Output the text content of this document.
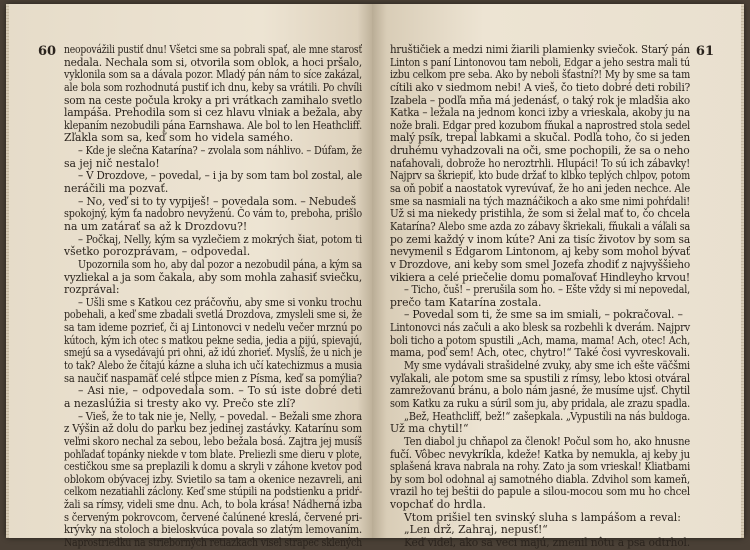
60 neopovážili pustiť dnu! Všetci sme sa pobrali spať, ale mne starosť
nedala. Nechala som si, otvorila som oblok, a hoci pršalo,
vyklonila som sa a dávala pozor. Mladý pán nám to síce zakázal,
ale bola som rozhodnutá pustiť ich dnu, keby sa vrátili. Po chvíli
som na ceste počula kroky a pri vrátkach zamihalo svetlo
lampáša. Prehodila som si cez hlavu vlniak a bežala, aby
klepaním nezobudili pána Earnshawa. Ale bol to len Heathcliff.
Zľakla som sa, keď som ho videla samého.
– Kde je slečna Katarína? – zvolala som náhlivo. – Dúfam, že
sa jej nič nestalo!
– V Drozdove, – povedal, – i ja by som tam bol zostal, ale
neráčili ma pozvať.
– No, veď si to ty vypiješ! – povedala som. – Nebudeš
spokojný, kým ťa nadobro nevyženú. Čo vám to, preboha, prišlo
na um zatárať sa až k Drozdovu?!
– Počkaj, Nelly, kým sa vyzlečiem z mokrých šiat, potom ti
všetko porozprávam, – odpovedal.
Upozornila som ho, aby dal pozor a nezobudil pána, a kým sa
vyzliekal a ja som čakala, aby som mohla zahasiť sviečku,
rozprával:
– Ušli sme s Katkou cez práčovňu, aby sme si vonku trochu
pobehali, a keď sme zbadali svetlá Drozdova, zmysleli sme si, že
sa tam ideme pozrieť, či aj Lintonovci v nedeľu večer mrznú po
kútoch, kým ich otec s matkou pekne sedia, jedia a pijú, spievajú,
smejú sa a vysedávajú pri ohni, až idú zhorieť. Myslíš, že u nich je
to tak? Alebo že čítajú kázne a sluha ich učí katechizmus a musia
sa naučiť naspamäť celé stĺpce mien z Písma, keď sa pomýlia?
– Asi nie, – odpovedala som. – To sú iste dobré deti
a nezaslúžia si tresty ako vy. Prečo ste zlí?
– Vieš, že to tak nie je, Nelly, – povedal. – Bežali sme zhora
z Výšin až dolu do parku bez jedinej zastávky. Katarínu som
veľmi skoro nechal za sebou, lebo bežala bosá. Zajtra jej musíš
pohľadať topánky niekde v tom blate. Preliezli sme dieru v plote,
cestičkou sme sa preplazili k domu a skryli v záhone kvetov pod
oblokom obývacej izby. Svietilo sa tam a okenice nezavreli, ani
celkom nezatiahli záclony. Keď sme stúpili na podstienku a pridŕ-
žali sa rímsy, videli sme dnu. Ach, to bola krása! Nádherná izba
s červeným pokrovcom, červené čalúnené kreslá, červené pri-
krývky na stoloch a bieloskvúca povala so zlatým lemovaním.
Naprostriedku na strieborných retiazkach visel strapec sklených
61
hruštičiek a medzi nimi žiarili plamienky sviečok. Starý pán
Linton s paní Lintonovou tam neboli, Edgar a jeho sestra mali tú
izbu celkom pre seba. Ako by neboli šťastní?! My by sme sa tam
cítili ako v siedmom nebi! A vieš, čo tieto dobré deti robili?
Izabela – podľa mňa má jedenásť, o taký rok je mladšia ako
Katka – ležala na jednom konci izby a vrieskala, akoby ju na
nože brali. Edgar pred kozubom fňukal a naprostred stola sedel
malý psík, trepal labkami a skučal. Podľa toho, čo si jeden
druhému vyhadzovali na oči, sme pochopili, že sa o neho
naťahovali, dobrože ho neroztrhli. Hlupáci! To sú ich zábavky!
Najprv sa škriepiť, kto bude držať to klbko teplých chlpov, potom
sa oň pobiť a naostatok vyrevúvať, že ho ani jeden nechce. Ale
sme sa nasmiali na tých maznáčikoch a ako sme nimi pohŕdali!
Už si ma niekedy pristihla, že som si želal mať to, čo chcela
Katarína? Alebo sme azda zo zábavy škriekali, fňukali a váľali sa
po zemi každý v inom kúte? Ani za tisíc životov by som sa
nevymenil s Edgarom Lintonom, aj keby som mohol bývať
v Drozdove, ani keby som smel Jozefa zhodiť z najvyššieho
vikiera a celé priečelie domu pomaľovať Hindleyho krvou!
– Ticho, čuš! – prerušila som ho. – Ešte vždy si mi nepovedal,
prečo tam Katarína zostala.
– Povedal som ti, že sme sa im smiali, – pokračoval. –
Lintonovci nás začuli a ako blesk sa rozbehli k dverám. Najprv
boli ticho a potom spustili „Ach, mama, mama! Ach, otec! Ach,
mama, poď sem! Ach, otec, chytro!“ Také čosi vyvreskovali.
My sme vydávali strašidelné zvuky, aby sme ich ešte väčšmi
vyľakali, ale potom sme sa spustili z rímsy, lebo ktosi otváral
zamrežovanú bránu, a bolo nám jasné, že musíme ujsť. Chytil
som Katku za ruku a súril som ju, aby pridala, ale zrazu spadla.
„Bež, Heathcliff, bež!“ zašepkala. „Vypustili na nás buldoga.
Už ma chytil!“
Ten diabol ju chňapol za členok! Počul som ho, ako hnusne
fučí. Vôbec nevykríkla, kdeže! Katka by nemukla, aj keby ju
splašená krava nabrala na rohy. Zato ja som vrieskal! Kliatbami
by som bol odohnal aj samotného diabla. Zdvihol som kameň,
vrazil ho tej beštii do papule a silou-mocou som mu ho chcel
vopchať do hrdla.
Vtom prišiel ten svinský sluha s lampášom a reval:
„Len drž, Zahraj, nepusť!“
Keď videl, ako sa veci majú, zmenil nôtu a psa odtrhol.
